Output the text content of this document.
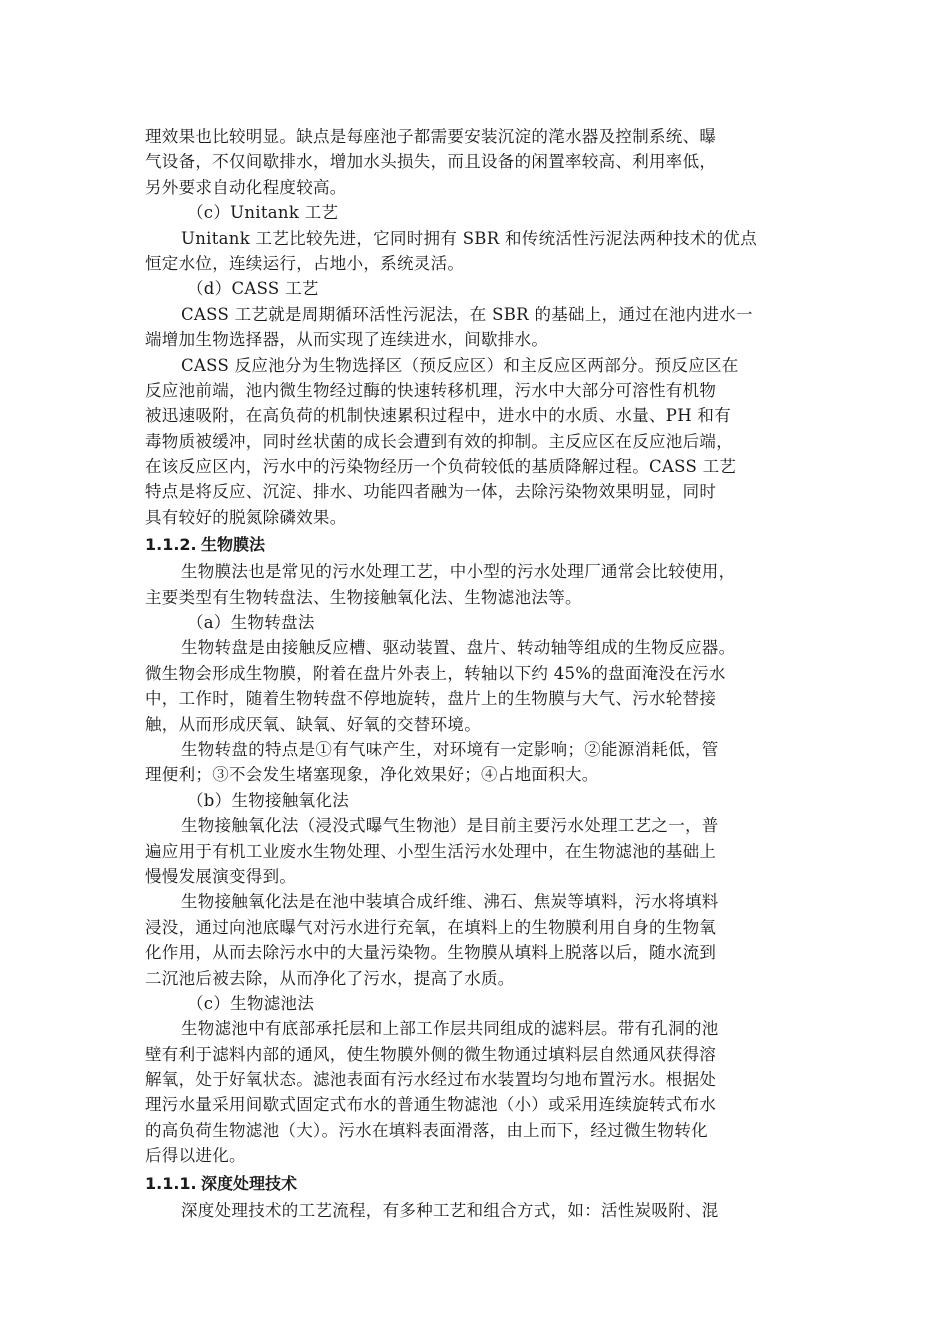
理效果也比较明显。缺点是每座池子都需要安装沉淀的滗水器及控制系统、曝
气设备，不仅间歇排水，增加水头损失，而且设备的闲置率较高、利用率低，
另外要求自动化程度较高。
（c）Unitank 工艺
Unitank 工艺比较先进，它同时拥有 SBR 和传统活性污泥法两种技术的优点
恒定水位，连续运行，占地小，系统灵活。
（d）CASS 工艺
CASS 工艺就是周期循环活性污泥法，在 SBR 的基础上，通过在池内进水一
端增加生物选择器，从而实现了连续进水，间歇排水。
CASS 反应池分为生物选择区（预反应区）和主反应区两部分。预反应区在
反应池前端，池内微生物经过酶的快速转移机理，污水中大部分可溶性有机物
被迅速吸附，在高负荷的机制快速累积过程中，进水中的水质、水量、PH 和有
毒物质被缓冲，同时丝状菌的成长会遭到有效的抑制。主反应区在反应池后端，
在该反应区内，污水中的污染物经历一个负荷较低的基质降解过程。CASS 工艺
特点是将反应、沉淀、排水、功能四者融为一体，去除污染物效果明显，同时
具有较好的脱氮除磷效果。
1.1.2. 生物膜法
生物膜法也是常见的污水处理工艺，中小型的污水处理厂通常会比较使用，
主要类型有生物转盘法、生物接触氧化法、生物滤池法等。
（a）生物转盘法
生物转盘是由接触反应槽、驱动装置、盘片、转动轴等组成的生物反应器。
微生物会形成生物膜，附着在盘片外表上，转轴以下约 45%的盘面淹没在污水
中，工作时，随着生物转盘不停地旋转，盘片上的生物膜与大气、污水轮替接
触，从而形成厌氧、缺氧、好氧的交替环境。
生物转盘的特点是①有气味产生，对环境有一定影响；②能源消耗低，管
理便利；③不会发生堵塞现象，净化效果好；④占地面积大。
（b）生物接触氧化法
生物接触氧化法（浸没式曝气生物池）是目前主要污水处理工艺之一，普
遍应用于有机工业废水生物处理、小型生活污水处理中，在生物滤池的基础上
慢慢发展演变得到。
生物接触氧化法是在池中装填合成纤维、沸石、焦炭等填料，污水将填料
浸没，通过向池底曝气对污水进行充氧，在填料上的生物膜利用自身的生物氧
化作用，从而去除污水中的大量污染物。生物膜从填料上脱落以后，随水流到
二沉池后被去除，从而净化了污水，提高了水质。
（c）生物滤池法
生物滤池中有底部承托层和上部工作层共同组成的滤料层。带有孔洞的池
壁有利于滤料内部的通风，使生物膜外侧的微生物通过填料层自然通风获得溶
解氧，处于好氧状态。滤池表面有污水经过布水装置均匀地布置污水。根据处
理污水量采用间歇式固定式布水的普通生物滤池（小）或采用连续旋转式布水
的高负荷生物滤池（大）。污水在填料表面滑落，由上而下，经过微生物转化
后得以进化。
1.1.1. 深度处理技术
深度处理技术的工艺流程，有多种工艺和组合方式，如：活性炭吸附、混
